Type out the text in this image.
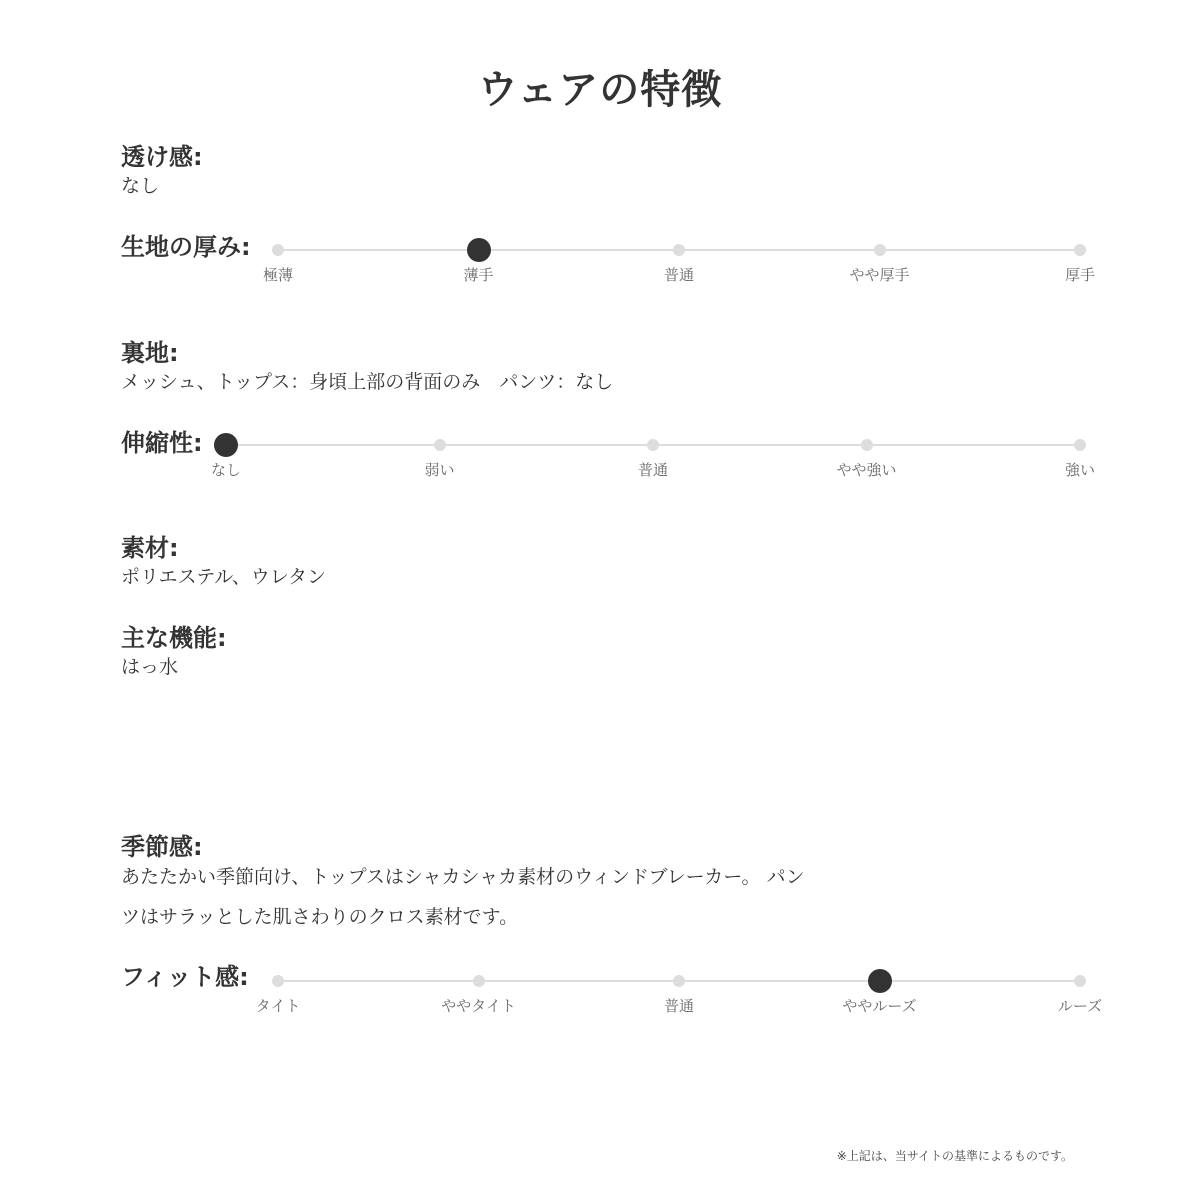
ウェアの特徴
透け感:
なし
生地の厚み:
極薄	薄手	普通	やや厚手	厚手
裏地:
メッシュ、トップス：身頃上部の背面のみ　パンツ：なし
伸縮性:
なし	弱い	普通	やや強い	強い
素材:
ポリエステル、ウレタン
主な機能:
はっ水
季節感:
あたたかい季節向け、トップスはシャカシャカ素材のウィンドブレーカー。 パン
ツはサラッとした肌さわりのクロス素材です。
フィット感:
タイト	ややタイト	普通	ややルーズ	ルーズ
※上記は、当サイトの基準によるものです。
